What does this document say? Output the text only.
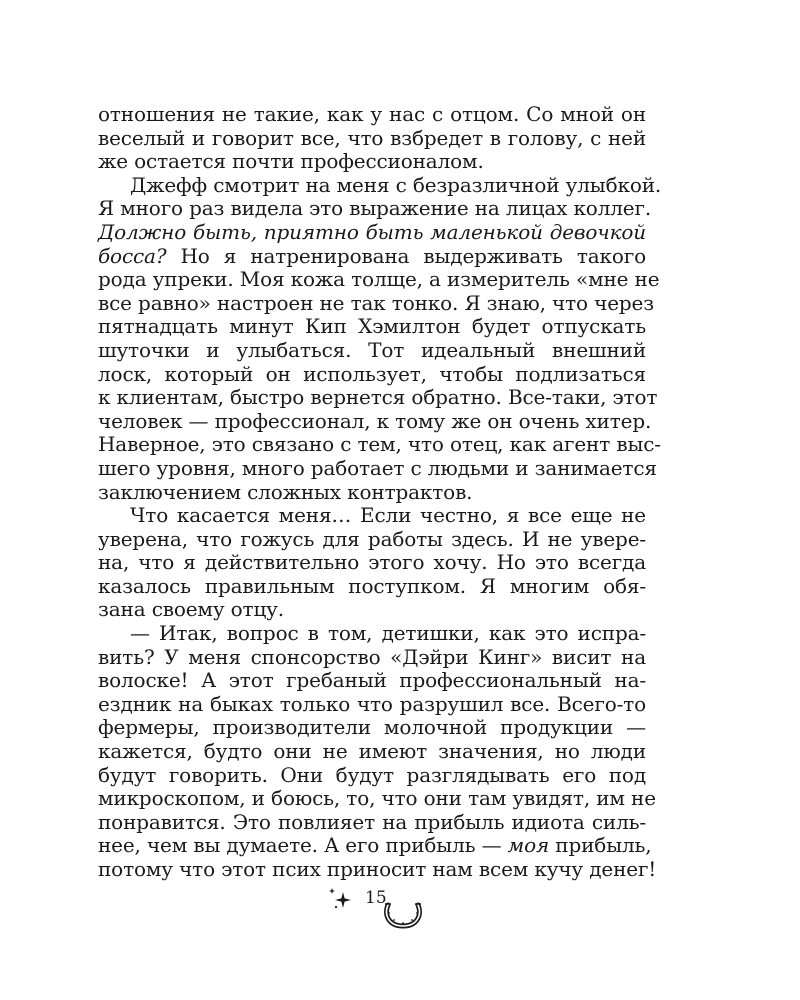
отношения не такие, как у нас с отцом. Со мной он
веселый и говорит все, что взбредет в голову, с ней
же остается почти профессионалом.
Джефф смотрит на меня с безразличной улыбкой.
Я много раз видела это выражение на лицах коллег.
Должно быть, приятно быть маленькой девочкой
босса? Но я натренирована выдерживать такого
рода упреки. Моя кожа толще, а измеритель «мне не
все равно» настроен не так тонко. Я знаю, что через
пятнадцать минут Кип Хэмилтон будет отпускать
шуточки и улыбаться. Тот идеальный внешний
лоск, который он использует, чтобы подлизаться
к клиентам, быстро вернется обратно. Все-таки, этот
человек — профессионал, к тому же он очень хитер.
Наверное, это связано с тем, что отец, как агент выс-
шего уровня, много работает с людьми и занимается
заключением сложных контрактов.
Что касается меня… Если честно, я все еще не
уверена, что гожусь для работы здесь. И не увере-
на, что я действительно этого хочу. Но это всегда
казалось правильным поступком. Я многим обя-
зана своему отцу.
— Итак, вопрос в том, детишки, как это испра-
вить? У меня спонсорство «Дэйри Кинг» висит на
волоске! А этот гребаный профессиональный на-
ездник на быках только что разрушил все. Всего-то
фермеры, производители молочной продукции —
кажется, будто они не имеют значения, но люди
будут говорить. Они будут разглядывать его под
микроскопом, и боюсь, то, что они там увидят, им не
понравится. Это повлияет на прибыль идиота силь-
нее, чем вы думаете. А его прибыль — моя прибыль,
потому что этот псих приносит нам всем кучу денег!
15
